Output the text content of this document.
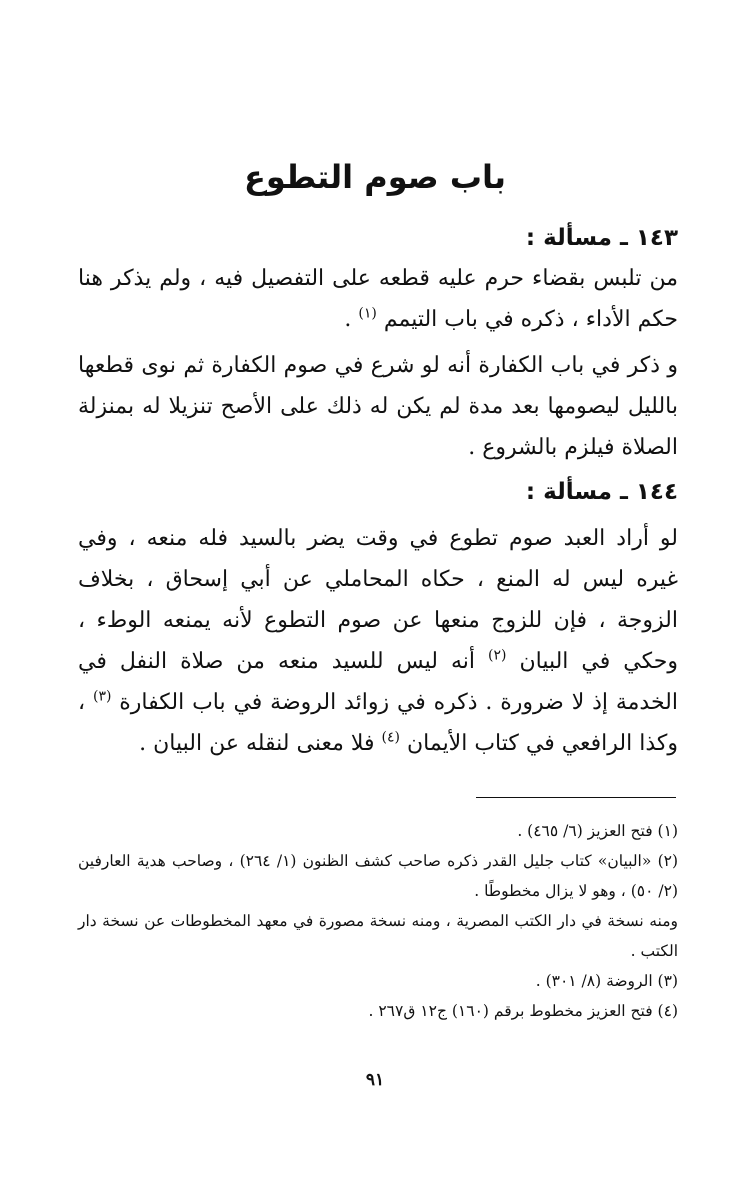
باب صوم التطوع
١٤٣ ـ مسألة :
من تلبس بقضاء حرم عليه قطعه على التفصيل فيه ، ولم يذكر هنا حكم الأداء ، ذكره في باب التيمم $^{(١)}$ .
و ذكر في باب الكفارة أنه لو شرع في صوم الكفارة ثم نوى قطعها بالليل ليصومها بعد مدة لم يكن له ذلك على الأصح تنزيلا له بمنزلة الصلاة فيلزم بالشروع .
١٤٤ ـ مسألة :
لو أراد العبد صوم تطوع في وقت يضر بالسيد فله منعه ، وفي غيره ليس له المنع ، حكاه المحاملي عن أبي إسحاق ، بخلاف الزوجة ، فإن للزوج منعها عن صوم التطوع لأنه يمنعه الوطء ، وحكي في البيان $^{(٢)}$ أنه ليس للسيد منعه من صلاة النفل في الخدمة إذ لا ضرورة . ذكره في زوائد الروضة في باب الكفارة $^{(٣)}$ ، وكذا الرافعي في كتاب الأيمان $^{(٤)}$ فلا معنى لنقله عن البيان .

(١) فتح العزيز (٦/ ٤٦٥) .

(٢) «البيان» كتاب جليل القدر ذكره صاحب كشف الظنون (١/ ٢٦٤) ، وصاحب هدية العارفين (٢/ ٥٠) ، وهو لا يزال مخطوطًا .

ومنه نسخة في دار الكتب المصرية ، ومنه نسخة مصورة في معهد المخطوطات عن نسخة دار الكتب .

(٣) الروضة (٨/ ٣٠١) .

(٤) فتح العزيز مخطوط برقم (١٦٠) ج١٢ ق٢٦٧ .

٩١
